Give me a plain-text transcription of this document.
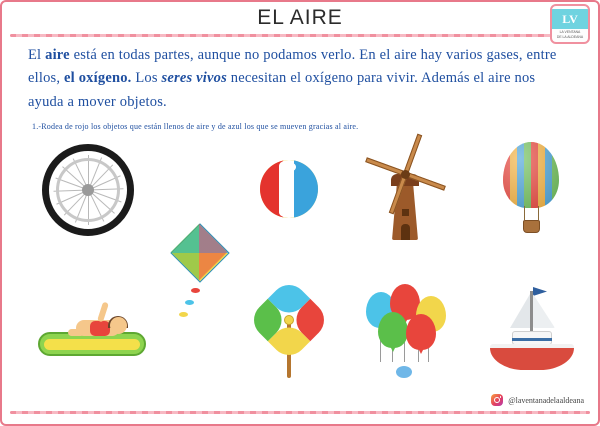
EL AIRE	LV
LA VENTANA
DE LA ALDEANA
El aire está en todas partes, aunque no podamos verlo. En el aire hay varios gases, entre ellos, el oxígeno. Los seres vivos necesitan el oxígeno para vivir. Además el aire nos ayuda a mover objetos.
1.-Rodea de rojo los objetos que están llenos de aire y de azul los que se mueven gracias al aire.
@laventanadelaaldeana
